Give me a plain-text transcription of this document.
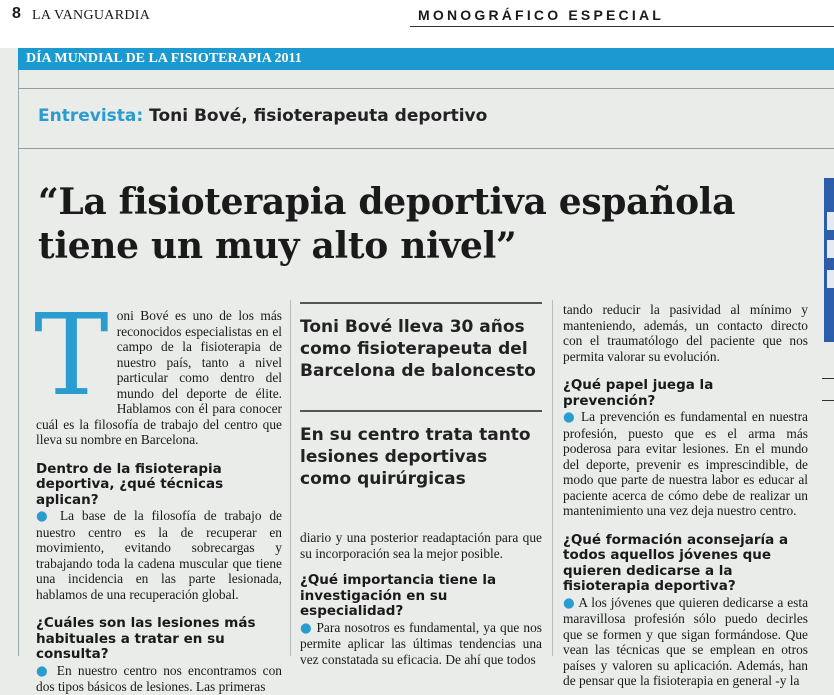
8 LA VANGUARDIA	MONOGRÁFICO ESPECIAL
DÍA MUNDIAL DE LA FISIOTERAPIA 2011
Entrevista: Toni Bové, fisioterapeuta deportivo
“La fisioterapia deportiva española
tiene un muy alto nivel”

Toni Bové es uno de los más reconocidos especialistas en el campo de la fisioterapia de nuestro país, tanto a nivel particular como dentro del mundo del deporte de élite. Hablamos con él para conocer cuál es la filosofía de trabajo del centro que lleva su nombre en Barcelona.

Dentro de la fisioterapia deportiva, ¿qué técnicas aplican?

● La base de la filosofía de trabajo de nuestro centro es la de recuperar en movimiento, evitando sobrecargas y trabajando toda la cadena muscular que tiene una incidencia en las parte lesionada, hablamos de una recuperación global.

¿Cuáles son las lesiones más habituales a tratar en su consulta?

● En nuestro centro nos encontramos con dos tipos básicos de lesiones. Las primeras

Toni Bové lleva 30 años como fisioterapeuta del Barcelona de baloncesto
En su centro trata tanto lesiones deportivas como quirúrgicas

diario y una posterior readaptación para que su incorporación sea la mejor posible.

¿Qué importancia tiene la investigación en su especialidad?

● Para nosotros es fundamental, ya que nos permite aplicar las últimas tendencias una vez constatada su eficacia. De ahí que todos

tando reducir la pasividad al mínimo y manteniendo, además, un contacto directo con el traumatólogo del paciente que nos permita valorar su evolución.

¿Qué papel juega la prevención?

● La prevención es fundamental en nuestra profesión, puesto que es el arma más poderosa para evitar lesiones. En el mundo del deporte, prevenir es imprescindible, de modo que parte de nuestra labor es educar al paciente acerca de cómo debe de realizar un mantenimiento una vez deja nuestro centro.

¿Qué formación aconsejaría a todos aquellos jóvenes que quieren dedicarse a la fisioterapia deportiva?

● A los jóvenes que quieren dedicarse a esta maravillosa profesión sólo puedo decirles que se formen y que sigan formándose. Que vean las técnicas que se emplean en otros países y valoren su aplicación. Además, han de pensar que la fisioterapia en general -y la
